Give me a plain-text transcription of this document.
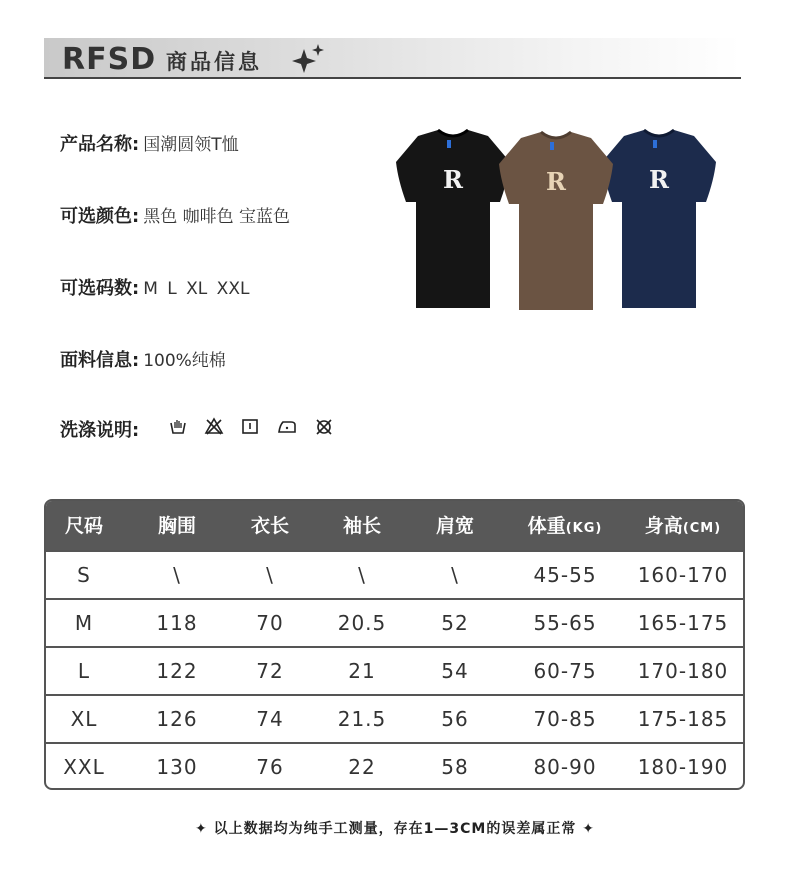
RFSD 商品信息
产品名称: 国潮圆领T恤
可选颜色: 黑色 咖啡色 宝蓝色
可选码数: M L XL XXL
面料信息: 100%纯棉
洗涤说明:
R
R	R
尺码	胸围	衣长	袖长	肩宽	体重(KG)	身高(CM)
S	\	\	\	\	45-55	160-170
M	118	70	20.5	52	55-65	165-175
L	122	72	21	54	60-75	170-180
XL	126	74	21.5	56	70-85	175-185
XXL	130	76	22	58	80-90	180-190
✦ 以上数据均为纯手工测量，存在1—3CM的误差属正常 ✦
